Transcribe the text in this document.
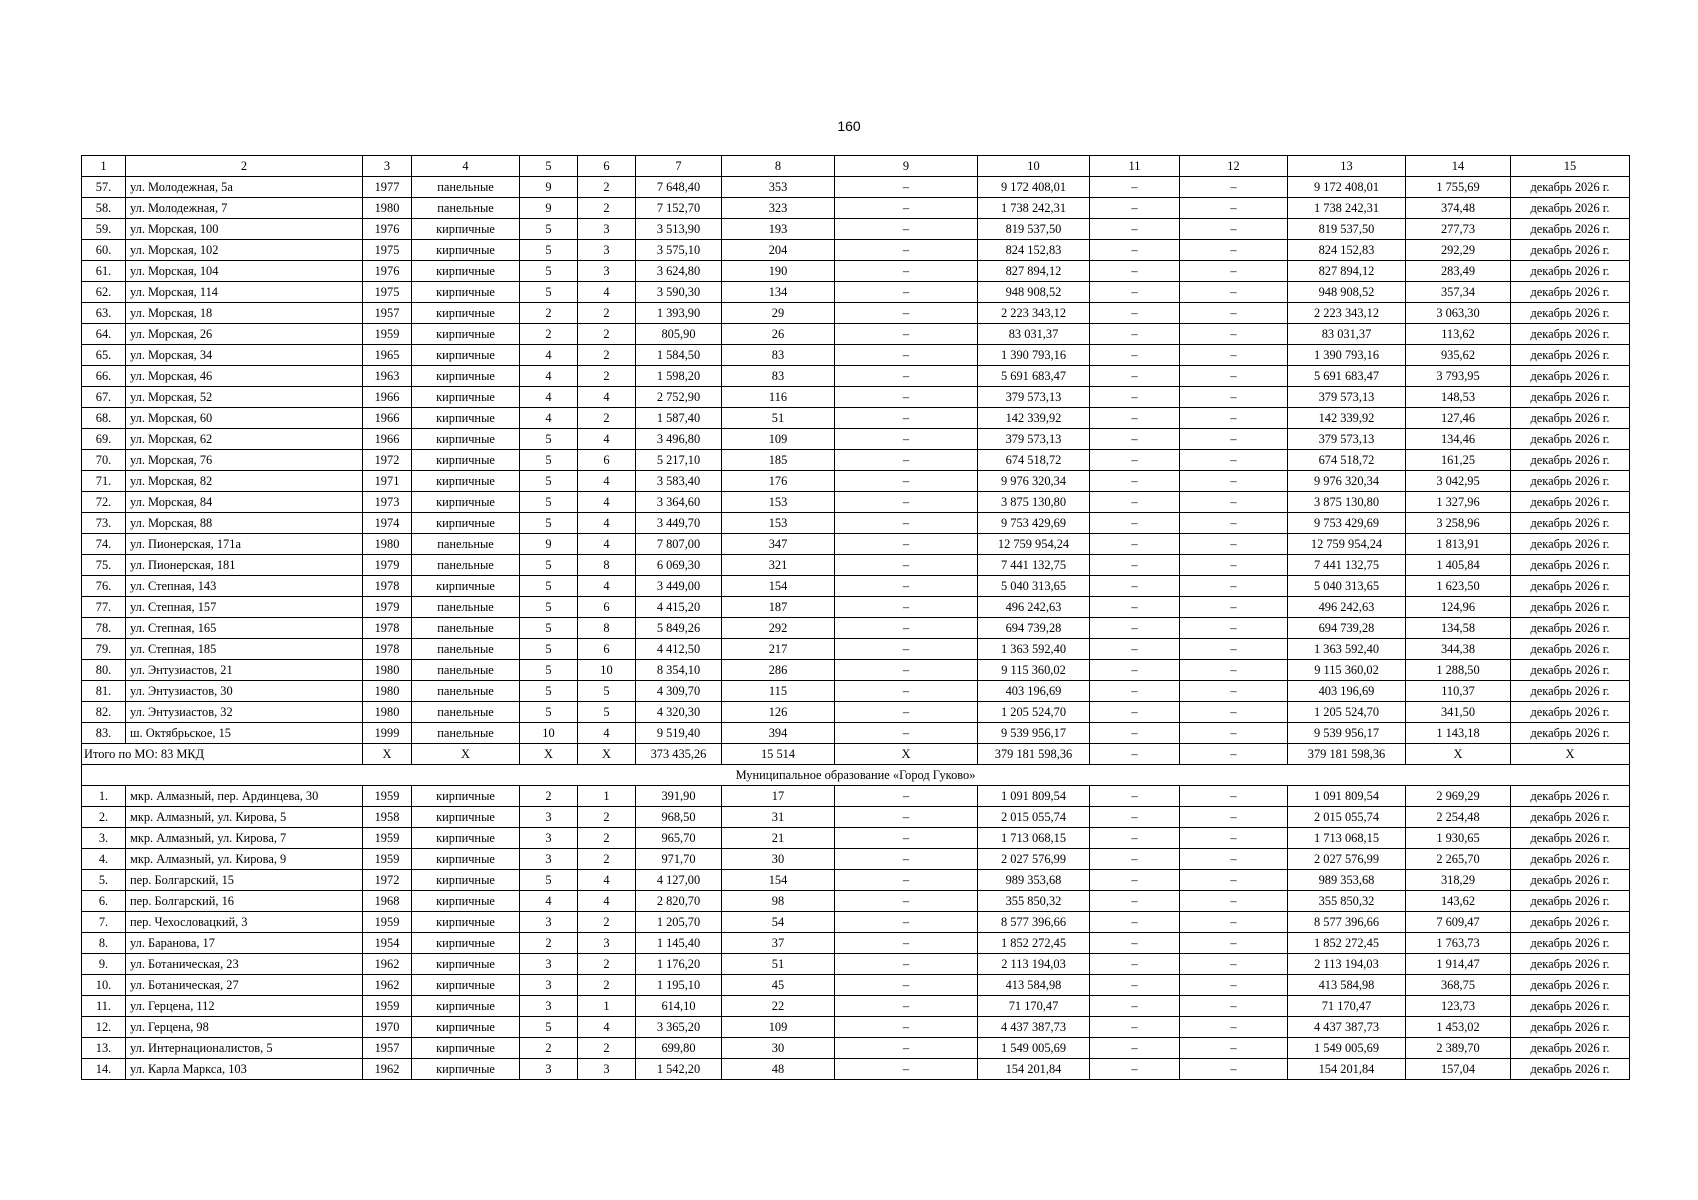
160
1	2	3	4	5	6	7	8	9	10	11	12	13	14	15
57.	ул. Молодежная, 5а	1977	панельные	9	2	7 648,40	353	–	9 172 408,01	–	–	9 172 408,01	1 755,69	декабрь 2026 г.
58.	ул. Молодежная, 7	1980	панельные	9	2	7 152,70	323	–	1 738 242,31	–	–	1 738 242,31	374,48	декабрь 2026 г.
59.	ул. Морская, 100	1976	кирпичные	5	3	3 513,90	193	–	819 537,50	–	–	819 537,50	277,73	декабрь 2026 г.
60.	ул. Морская, 102	1975	кирпичные	5	3	3 575,10	204	–	824 152,83	–	–	824 152,83	292,29	декабрь 2026 г.
61.	ул. Морская, 104	1976	кирпичные	5	3	3 624,80	190	–	827 894,12	–	–	827 894,12	283,49	декабрь 2026 г.
62.	ул. Морская, 114	1975	кирпичные	5	4	3 590,30	134	–	948 908,52	–	–	948 908,52	357,34	декабрь 2026 г.
63.	ул. Морская, 18	1957	кирпичные	2	2	1 393,90	29	–	2 223 343,12	–	–	2 223 343,12	3 063,30	декабрь 2026 г.
64.	ул. Морская, 26	1959	кирпичные	2	2	805,90	26	–	83 031,37	–	–	83 031,37	113,62	декабрь 2026 г.
65.	ул. Морская, 34	1965	кирпичные	4	2	1 584,50	83	–	1 390 793,16	–	–	1 390 793,16	935,62	декабрь 2026 г.
66.	ул. Морская, 46	1963	кирпичные	4	2	1 598,20	83	–	5 691 683,47	–	–	5 691 683,47	3 793,95	декабрь 2026 г.
67.	ул. Морская, 52	1966	кирпичные	4	4	2 752,90	116	–	379 573,13	–	–	379 573,13	148,53	декабрь 2026 г.
68.	ул. Морская, 60	1966	кирпичные	4	2	1 587,40	51	–	142 339,92	–	–	142 339,92	127,46	декабрь 2026 г.
69.	ул. Морская, 62	1966	кирпичные	5	4	3 496,80	109	–	379 573,13	–	–	379 573,13	134,46	декабрь 2026 г.
70.	ул. Морская, 76	1972	кирпичные	5	6	5 217,10	185	–	674 518,72	–	–	674 518,72	161,25	декабрь 2026 г.
71.	ул. Морская, 82	1971	кирпичные	5	4	3 583,40	176	–	9 976 320,34	–	–	9 976 320,34	3 042,95	декабрь 2026 г.
72.	ул. Морская, 84	1973	кирпичные	5	4	3 364,60	153	–	3 875 130,80	–	–	3 875 130,80	1 327,96	декабрь 2026 г.
73.	ул. Морская, 88	1974	кирпичные	5	4	3 449,70	153	–	9 753 429,69	–	–	9 753 429,69	3 258,96	декабрь 2026 г.
74.	ул. Пионерская, 171а	1980	панельные	9	4	7 807,00	347	–	12 759 954,24	–	–	12 759 954,24	1 813,91	декабрь 2026 г.
75.	ул. Пионерская, 181	1979	панельные	5	8	6 069,30	321	–	7 441 132,75	–	–	7 441 132,75	1 405,84	декабрь 2026 г.
76.	ул. Степная, 143	1978	кирпичные	5	4	3 449,00	154	–	5 040 313,65	–	–	5 040 313,65	1 623,50	декабрь 2026 г.
77.	ул. Степная, 157	1979	панельные	5	6	4 415,20	187	–	496 242,63	–	–	496 242,63	124,96	декабрь 2026 г.
78.	ул. Степная, 165	1978	панельные	5	8	5 849,26	292	–	694 739,28	–	–	694 739,28	134,58	декабрь 2026 г.
79.	ул. Степная, 185	1978	панельные	5	6	4 412,50	217	–	1 363 592,40	–	–	1 363 592,40	344,38	декабрь 2026 г.
80.	ул. Энтузиастов, 21	1980	панельные	5	10	8 354,10	286	–	9 115 360,02	–	–	9 115 360,02	1 288,50	декабрь 2026 г.
81.	ул. Энтузиастов, 30	1980	панельные	5	5	4 309,70	115	–	403 196,69	–	–	403 196,69	110,37	декабрь 2026 г.
82.	ул. Энтузиастов, 32	1980	панельные	5	5	4 320,30	126	–	1 205 524,70	–	–	1 205 524,70	341,50	декабрь 2026 г.
83.	ш. Октябрьское, 15	1999	панельные	10	4	9 519,40	394	–	9 539 956,17	–	–	9 539 956,17	1 143,18	декабрь 2026 г.
Итого по МО: 83 МКД		X	X	X	X	373 435,26	15 514	X	379 181 598,36	–	–	379 181 598,36	X	X
Муниципальное образование «Город Гуково»														
1.	мкр. Алмазный, пер. Ардинцева, 30	1959	кирпичные	2	1	391,90	17	–	1 091 809,54	–	–	1 091 809,54	2 969,29	декабрь 2026 г.
2.	мкр. Алмазный, ул. Кирова, 5	1958	кирпичные	3	2	968,50	31	–	2 015 055,74	–	–	2 015 055,74	2 254,48	декабрь 2026 г.
3.	мкр. Алмазный, ул. Кирова, 7	1959	кирпичные	3	2	965,70	21	–	1 713 068,15	–	–	1 713 068,15	1 930,65	декабрь 2026 г.
4.	мкр. Алмазный, ул. Кирова, 9	1959	кирпичные	3	2	971,70	30	–	2 027 576,99	–	–	2 027 576,99	2 265,70	декабрь 2026 г.
5.	пер. Болгарский, 15	1972	кирпичные	5	4	4 127,00	154	–	989 353,68	–	–	989 353,68	318,29	декабрь 2026 г.
6.	пер. Болгарский, 16	1968	кирпичные	4	4	2 820,70	98	–	355 850,32	–	–	355 850,32	143,62	декабрь 2026 г.
7.	пер. Чехословацкий, 3	1959	кирпичные	3	2	1 205,70	54	–	8 577 396,66	–	–	8 577 396,66	7 609,47	декабрь 2026 г.
8.	ул. Баранова, 17	1954	кирпичные	2	3	1 145,40	37	–	1 852 272,45	–	–	1 852 272,45	1 763,73	декабрь 2026 г.
9.	ул. Ботаническая, 23	1962	кирпичные	3	2	1 176,20	51	–	2 113 194,03	–	–	2 113 194,03	1 914,47	декабрь 2026 г.
10.	ул. Ботаническая, 27	1962	кирпичные	3	2	1 195,10	45	–	413 584,98	–	–	413 584,98	368,75	декабрь 2026 г.
11.	ул. Герцена, 112	1959	кирпичные	3	1	614,10	22	–	71 170,47	–	–	71 170,47	123,73	декабрь 2026 г.
12.	ул. Герцена, 98	1970	кирпичные	5	4	3 365,20	109	–	4 437 387,73	–	–	4 437 387,73	1 453,02	декабрь 2026 г.
13.	ул. Интернационалистов, 5	1957	кирпичные	2	2	699,80	30	–	1 549 005,69	–	–	1 549 005,69	2 389,70	декабрь 2026 г.
14.	ул. Карла Маркса, 103	1962	кирпичные	3	3	1 542,20	48	–	154 201,84	–	–	154 201,84	157,04	декабрь 2026 г.
